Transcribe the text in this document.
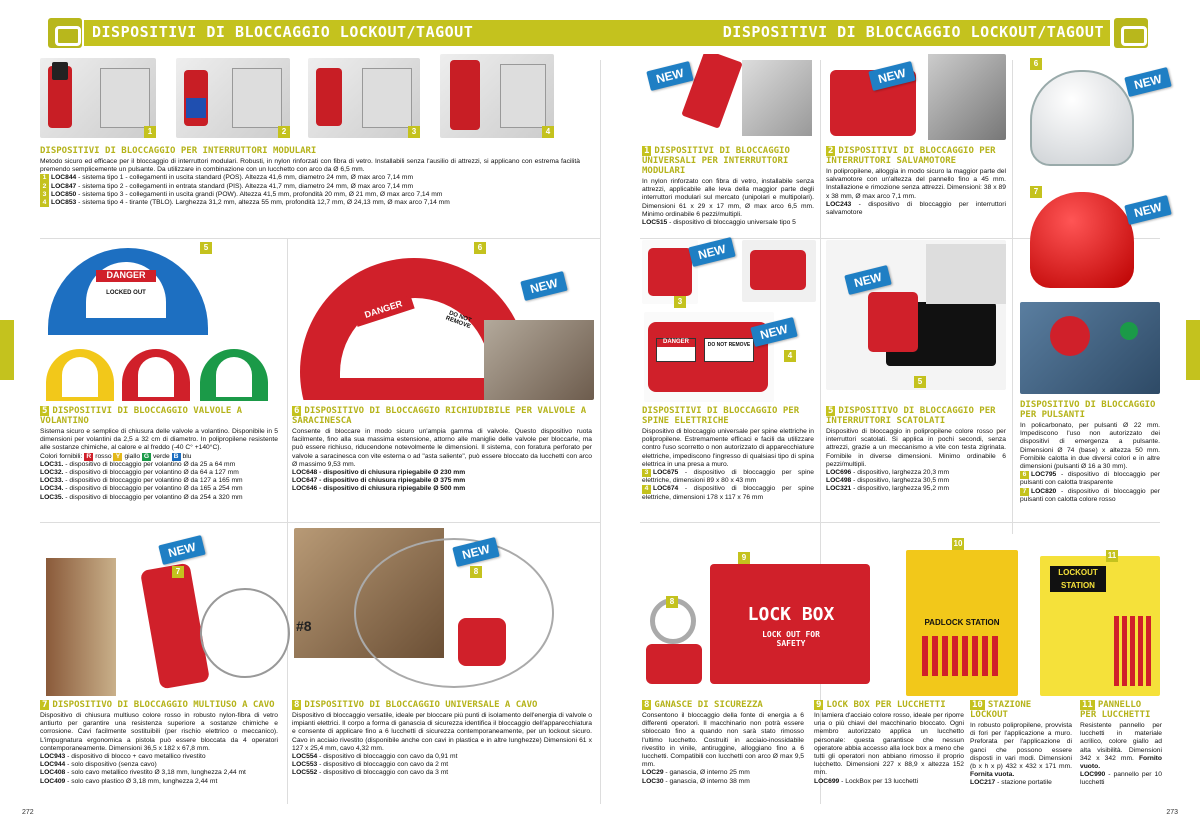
DISPOSITIVI DI BLOCCAGGIO LOCKOUT/TAGOUT	DISPOSITIVI DI BLOCCAGGIO LOCKOUT/TAGOUT
1	2	3	4
DISPOSITIVI DI BLOCCAGGIO PER INTERRUTTORI MODULARI

Metodo sicuro ed efficace per il bloccaggio di interruttori modulari. Robusti, in nylon rinforzati con fibra di vetro. Installabili senza l'ausilio di attrezzi, si applicano con estrema facilità premendo semplicemente un pulsante. Da utilizzare in combinazione con un lucchetto con arco da Ø 6,5 mm.

1 LOC844 - sistema tipo 1 - collegamenti in uscita standard (POS). Altezza 41,6 mm, diametro 24 mm, Ø max arco 7,14 mm
2 LOC847 - sistema tipo 2 - collegamenti in entrata standard (PIS). Altezza 41,7 mm, diametro 24 mm, Ø max arco 7,14 mm
3 LOC850 - sistema tipo 3 - collegamenti in uscita grandi (POW). Altezza 41,5 mm, profondità 20 mm, Ø 21 mm, Ø max arco 7,14 mm
4 LOC853 - sistema tipo 4 - tirante (TBLO). Larghezza 31,2 mm, altezza 55 mm, profondità 12,7 mm, Ø 24,13 mm, Ø max arco 7,14 mm
DANGER
LOCKED OUT
5
5 DISPOSITIVI DI BLOCCAGGIO VALVOLE A VOLANTINO

Sistema sicuro e semplice di chiusura delle valvole a volantino. Disponibile in 5 dimensioni per volantini da 2,5 a 32 cm di diametro. In polipropilene resistente alle sostanze chimiche, al calore e al freddo (-40 C° +140°C).

Colori fornibili: R rosso Y giallo G verde B blu
LOC31. - dispositivo di bloccaggio per volantino Ø da 25 a 64 mm
LOC32. - dispositivo di bloccaggio per volantino Ø da 64 a 127 mm
LOC33. - dispositivo di bloccaggio per volantino Ø da 127 a 165 mm
LOC34. - dispositivo di bloccaggio per volantino Ø da 165 a 254 mm
LOC35. - dispositivo di bloccaggio per volantino Ø da 254 a 320 mm
DANGER	DO NOT REMOVE
6
NEW
6 DISPOSITIVO DI BLOCCAGGIO RICHIUDIBILE PER VALVOLE A SARACINESCA

Consente di bloccare in modo sicuro un'ampia gamma di valvole. Questo dispositivo ruota facilmente, fino alla sua massima estensione, attorno alle maniglie delle valvole per bloccarle, ma può essere richiuso, riducendone notevolmente le dimensioni. Il sistema, con foratura perforato per valvole a saracinesca con vite esterna o ad "asta saliente", può essere bloccato da lucchetti con arco Ø massimo 9,53 mm.

LOC648 - dispositivo di chiusura ripiegabile Ø 230 mm
LOC647 - dispositivo di chiusura ripiegabile Ø 375 mm
LOC646 - dispositivo di chiusura ripiegabile Ø 500 mm
NEW
7
7 DISPOSITIVO DI BLOCCAGGIO MULTIUSO A CAVO

Dispositivo di chiusura multiuso colore rosso in robusto nylon-fibra di vetro antiurto per garantire una resistenza superiore a sostanze chimiche e corrosione. Cavi facilmente sostituibili (per rischio elettrico o meccanico). L'impugnatura ergonomica a pistola può essere bloccata da 4 operatori contemporaneamente. Dimensioni 36,5 x 182 x 67,8 mm.

LOC943 - dispositivo di blocco + cavo metallico rivestito
LOC944 - solo dispositivo (senza cavo)
LOC408 - solo cavo metallico rivestito Ø 3,18 mm, lunghezza 2,44 mt
LOC409 - solo cavo plastico Ø 3,18 mm, lunghezza 2,44 mt
#8
NEW
8
8 DISPOSITIVO DI BLOCCAGGIO UNIVERSALE A CAVO

Dispositivo di bloccaggio versatile, ideale per bloccare più punti di isolamento dell'energia di valvole o impianti elettrici. Il corpo a forma di ganascia di sicurezza identifica il bloccaggio dell'apparecchiatura e consente di applicare fino a 6 lucchetti di sicurezza contemporaneamente, per un lockout sicuro. Cavo in acciaio rivestito (disponibile anche con cavi in plastica e in altre lunghezze) Dimensioni 61 x 127 x 25,4 mm, cavo 4,32 mm.

LOC554 - dispositivo di bloccaggio con cavo da 0,91 mt
LOC553 - dispositivo di bloccaggio con cavo da 2 mt
LOC552 - dispositivo di bloccaggio con cavo da 3 mt
272
NEW
1 DISPOSITIVI DI BLOCCAGGIO UNIVERSALI PER INTERRUTTORI MODULARI

In nylon rinforzato con fibra di vetro, installabile senza attrezzi, applicabile alle leva della maggior parte degli interruttori modulari sul mercato (unipolari e multipolari). Dimensioni 61 x 29 x 17 mm, Ø max arco 6,5 mm. Minimo ordinabile 6 pezzi/multipli.

LOC515 - dispositivo di bloccaggio universale tipo 5
NEW
2 DISPOSITIVI DI BLOCCAGGIO PER INTERRUTTORI SALVAMOTORE

In polipropilene, alloggia in modo sicuro la maggior parte del salvamotore con un'altezza del pannello fino a 45 mm. Installazione e rimozione senza attrezzi. Dimensioni: 38 x 89 x 38 mm, Ø max arco 7,1 mm.

LOC243 - dispositivo di bloccaggio per interruttori salvamotore

6
NEW
7
NEW
NEW
3
DANGER	DO NOT REMOVE
NEW
4
DISPOSITIVI DI BLOCCAGGIO PER SPINE ELETTRICHE

Dispositivo di bloccaggio universale per spine elettriche in polipropilene. Estremamente efficaci e facili da utilizzare contro l'uso scorretto o non autorizzato di apparecchiature elettriche, impediscono l'ingresso di qualsiasi tipo di spina elettrica in una presa a muro.

3 LOC675 - dispositivo di bloccaggio per spine elettriche, dimensioni 89 x 80 x 43 mm

4 LOC674 - dispositivo di bloccaggio per spine elettriche, dimensioni 178 x 117 x 76 mm

NEW
5
5 DISPOSITIVO DI BLOCCAGGIO PER INTERRUTTORI SCATOLATI

Dispositivo di bloccaggio in polipropilene colore rosso per interruttori scatolati. Si applica in pochi secondi, senza attrezzi, grazie a un meccanismo a vite con testa zigrinata. Fornibile in diverse dimensioni. Minimo ordinabile 6 pezzi/multipli.

LOC696 - dispositivo, larghezza 20,3 mm
LOC498 - dispositivo, larghezza 30,5 mm
LOC321 - dispositivo, larghezza 95,2 mm
DISPOSITIVO DI BLOCCAGGIO PER PULSANTI

In policarbonato, per pulsanti Ø 22 mm. Impediscono l'uso non autorizzato dei dispositivi di emergenza a pulsante. Dimensioni Ø 74 (base) x altezza 50 mm. Fornibile calotta in due diversi colori e in altre dimensioni (pulsanti Ø 16 a 30 mm).

6 LOC795 - dispositivo di bloccaggio per pulsanti con calotta trasparente

7 LOC820 - dispositivo di bloccaggio per pulsanti con calotta colore rosso

8
8 GANASCE DI SICUREZZA

Consentono il bloccaggio della fonte di energia a 6 differenti operatori. Il macchinario non potrà essere sbloccato fino a quando non sarà stato rimosso l'ultimo lucchetto. Costruiti in acciaio-inossidabile rivestito in vinile, antiruggine, alloggiano fino a 6 lucchetti. Compatibili con lucchetti con arco Ø max 9,5 mm.

LOC29 - ganascia, Ø interno 25 mm
LOC30 - ganascia, Ø interno 38 mm
LOCK BOX
LOCK OUT FOR SAFETY
9
9 LOCK BOX PER LUCCHETTI

In lamiera d'acciaio colore rosso, ideale per riporre una o più chiavi del macchinario bloccato. Ogni membro autorizzato applica un lucchetto personale: questa garantisce che nessun operatore abbia accesso alla lock box a meno che tutti gli operatori non abbiano rimosso il proprio lucchetto. Dimensioni 227 x 88,9 x altezza 152 mm.

LOC699 - LockBox per 13 lucchetti
PADLOCK STATION
10
10 STAZIONE LOCKOUT

In robusto polipropilene, provvista di fori per l'applicazione a muro. Preforata per l'applicazione di ganci che possono essere disposti in vari modi. Dimensioni (b x h x p) 432 x 432 x 171 mm. Fornita vuota.

LOC217 - stazione portatile
LOCKOUT STATION
11
11 PANNELLO PER LUCCHETTI

Resistente pannello per lucchetti in materiale acrilico, colore giallo ad alta visibilità. Dimensioni 342 x 342 mm. Fornito vuoto.

LOC990 - pannello per 10 lucchetti

273
